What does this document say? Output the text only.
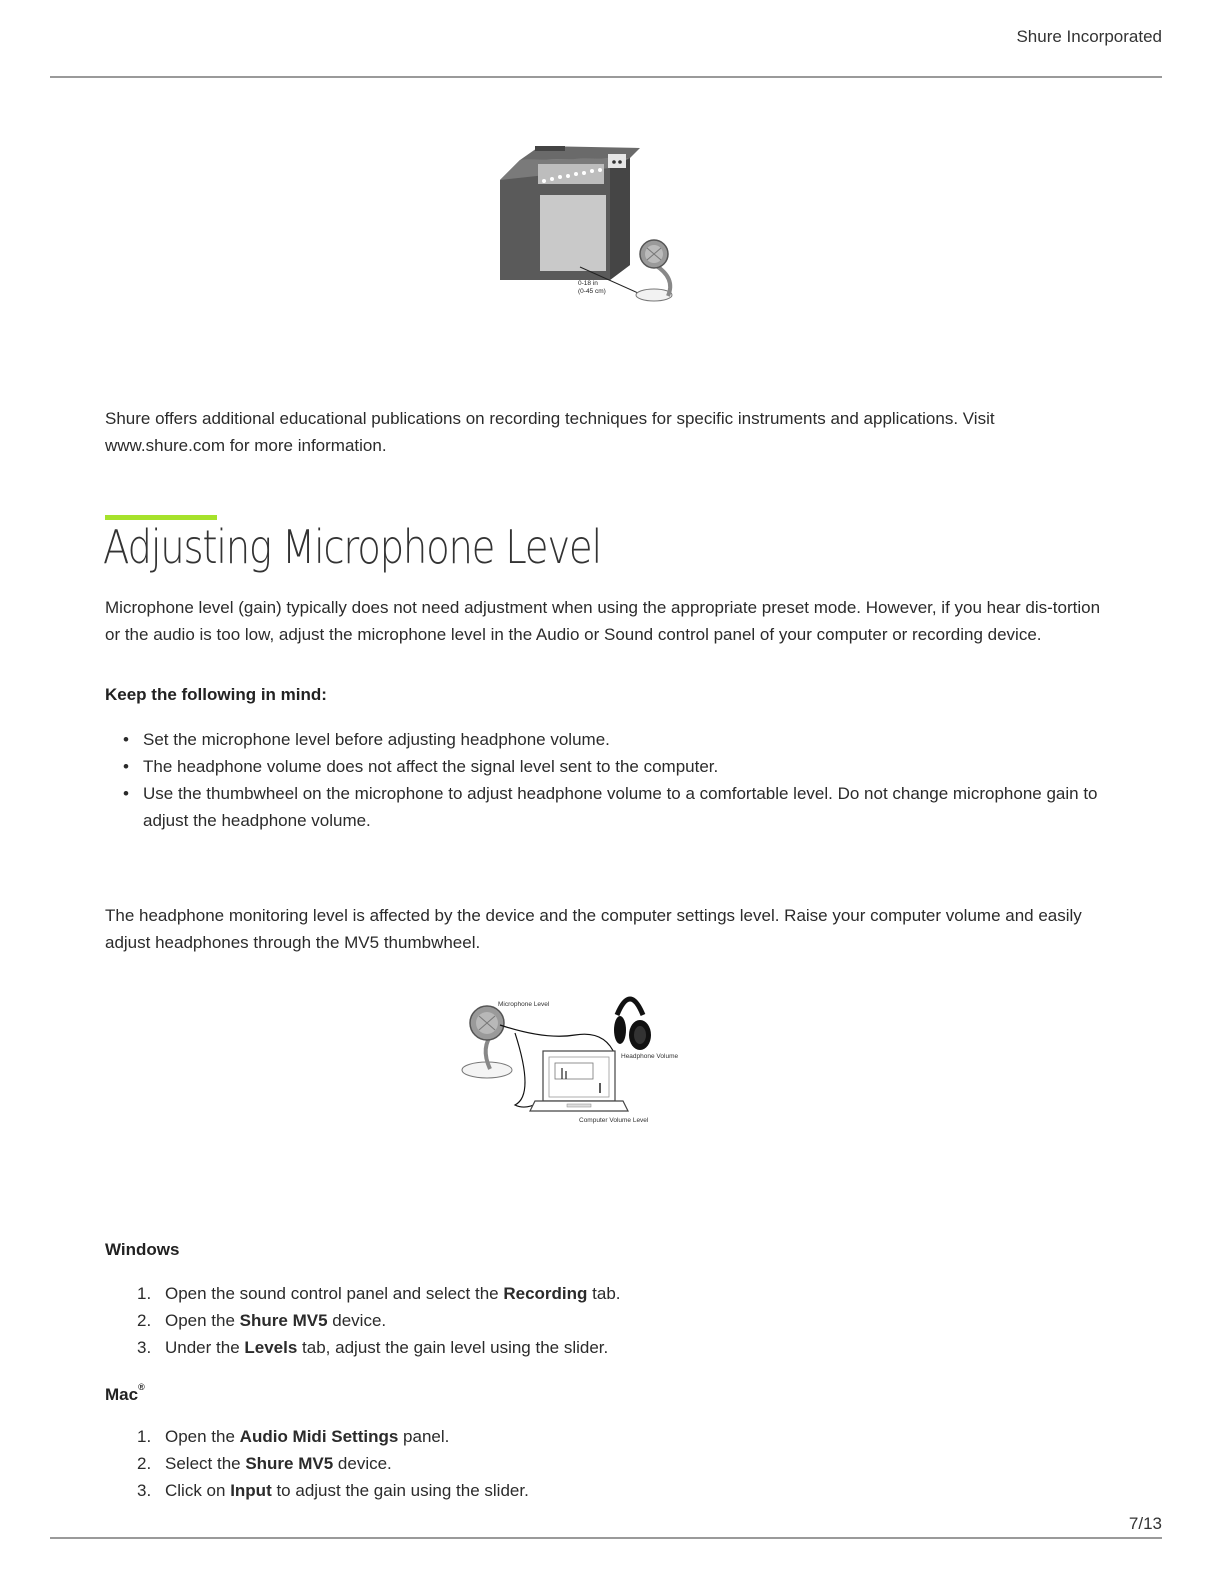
Shure Incorporated
0-18 in
(0-45 cm)

Shure offers additional educational publications on recording techniques for specific instruments and applications. Visit www.shure.com for more information.

Adjusting Microphone Level

Microphone level (gain) typically does not need adjustment when using the appropriate preset mode. However, if you hear dis-tortion or the audio is too low, adjust the microphone level in the Audio or Sound control panel of your computer or recording device.

Keep the following in mind:

• Set the microphone level before adjusting headphone volume.
• The headphone volume does not affect the signal level sent to the computer.
• Use the thumbwheel on the microphone to adjust headphone volume to a comfortable level. Do not change microphone gain to adjust the headphone volume.

The headphone monitoring level is affected by the device and the computer settings level. Raise your computer volume and easily adjust headphones through the MV5 thumbwheel.

Microphone Level
Headphone Volume
Computer Volume Level

Windows

1. Open the sound control panel and select the Recording tab.
2. Open the Shure MV5 device.
3. Under the Levels tab, adjust the gain level using the slider.

Mac®

1. Open the Audio Midi Settings panel.
2. Select the Shure MV5 device.
3. Click on Input to adjust the gain using the slider.
7/13
